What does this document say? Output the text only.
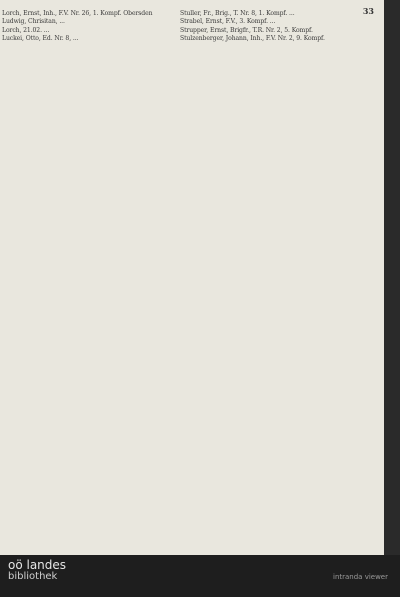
33
Lorch, Ernst, Inh., F.V. Nr. 26, 1. Kompf. Obersden
Ludwig, Chrisitan, ...
Lorch, 21.02. ...
Luckei, Otto, Ed. Nr. 8, ...
Stuller, Fr., Brig., T. Nr. 8, 1. Kompf. ...
Strabel, Ernst, F.V., 3. Kompf. ...
Strupper, Ernst, Brigfr., T.R. Nr. 2, 5. Kompf.
Stulzenberger, Johann, Inh., F.V. Nr. 2, 9. Kompf.
oö landes
bibliothek	intranda viewer
